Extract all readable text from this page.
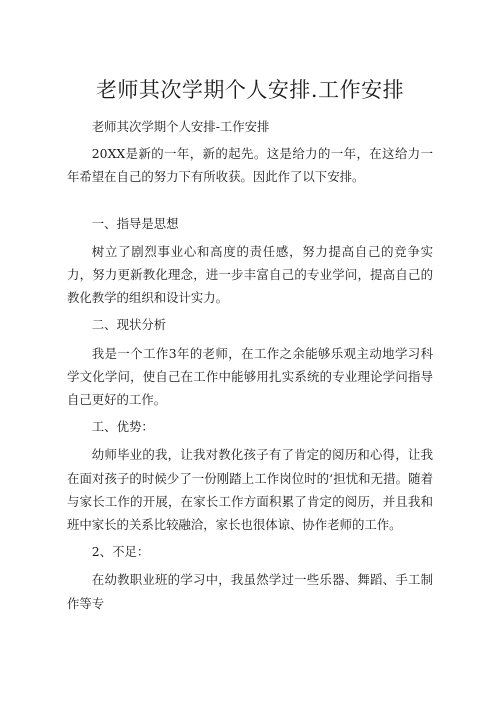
老师其次学期个人安排.工作安排

老师其次学期个人安排-工作安排

20XX是新的一年，新的起先。这是给力的一年，在这给力一年希望在自己的努力下有所收获。因此作了以下安排。

一、指导是思想

树立了剧烈事业心和高度的责任感，努力提高自己的竞争实力，努力更新教化理念，进一步丰富自己的专业学问，提高自己的教化教学的组织和设计实力。

二、现状分析

我是一个工作3年的老师，在工作之余能够乐观主动地学习科学文化学问，使自己在工作中能够用扎实系统的专业理论学问指导自己更好的工作。

工、优势：

幼师毕业的我，让我对教化孩子有了肯定的阅历和心得，让我在面对孩子的时候少了一份刚踏上工作岗位时的‘担忧和无措。随着与家长工作的开展，在家长工作方面积累了肯定的阅历，并且我和班中家长的关系比较融洽，家长也很体谅、协作老师的工作。

2、不足：

在幼教职业班的学习中，我虽然学过一些乐器、舞蹈、手工制作等专
